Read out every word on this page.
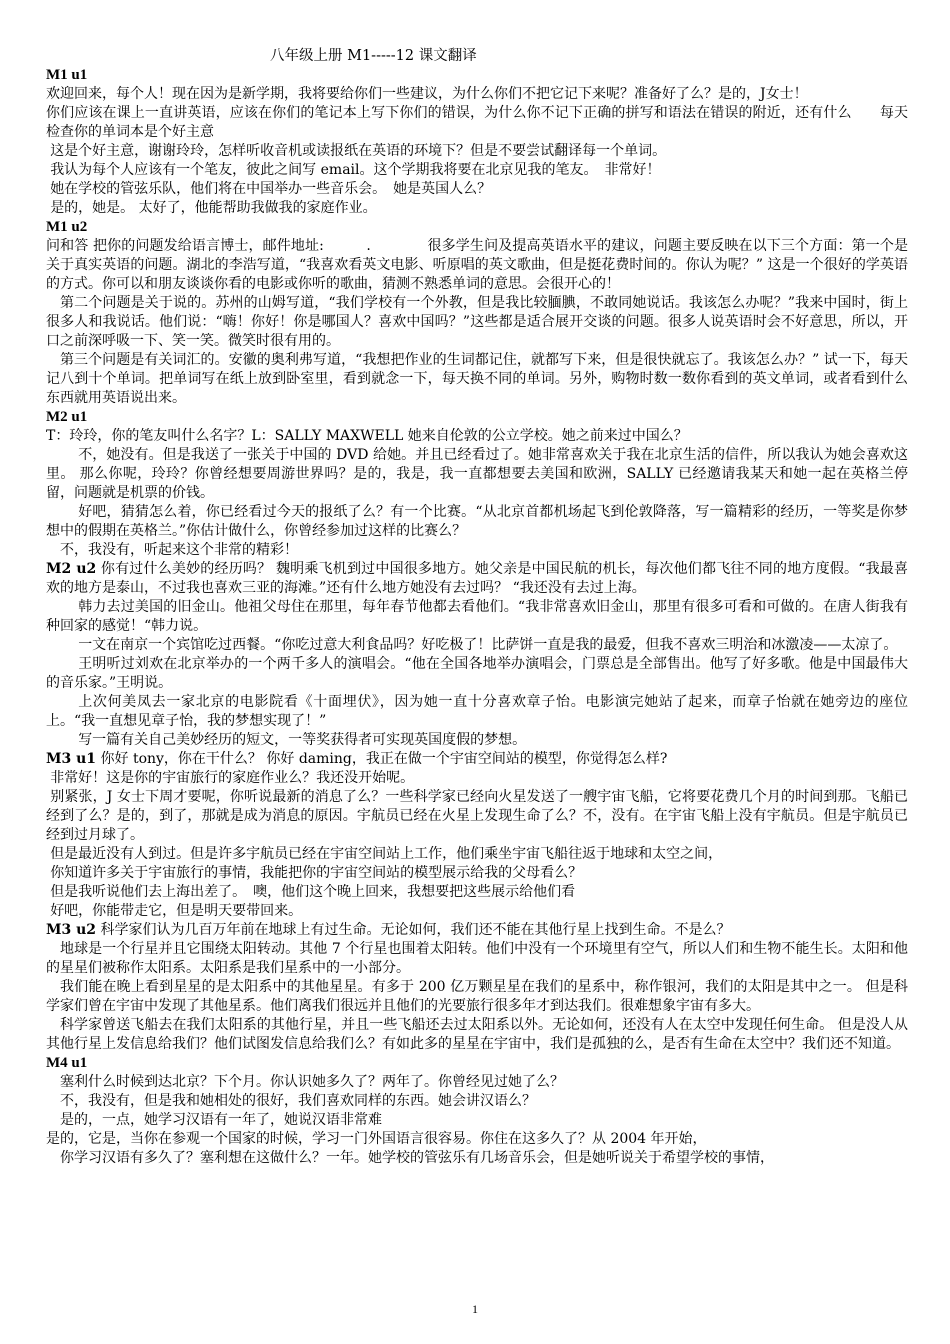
八年级上册 M1-----12 课文翻译

M1 u1

欢迎回来，每个人！现在因为是新学期，我将要给你们一些建议，为什么你们不把它记下来呢？准备好了么？是的，J女士！

你们应该在课上一直讲英语，应该在你们的笔记本上写下你们的错误，为什么你不记下正确的拼写和语法在错误的附近，还有什么　　每天检查你的单词本是个好主意

这是个好主意，谢谢玲玲，怎样听收音机或读报纸在英语的环境下？但是不要尝试翻译每一个单词。

我认为每个人应该有一个笔友，彼此之间写 email。这个学期我将要在北京见我的笔友。　非常好！

她在学校的管弦乐队，他们将在中国举办一些音乐会。　她是英国人么？

是的，她是。 太好了，他能帮助我做我的家庭作业。

M1 u2

问和答 把你的问题发给语言博士，邮件地址:　　　.　　　　很多学生问及提高英语水平的建议，问题主要反映在以下三个方面：第一个是关于真实英语的问题。湖北的李浩写道，“我喜欢看英文电影、听原唱的英文歌曲，但是挺花费时间的。你认为呢？” 这是一个很好的学英语的方式。你可以和朋友谈谈你看的电影或你听的歌曲，猜测不熟悉单词的意思。会很开心的！

第二个问题是关于说的。苏州的山姆写道，“我们学校有一个外教，但是我比较腼腆，不敢同她说话。我该怎么办呢？”我来中国时，街上很多人和我说话。他们说：“嗨！你好！你是哪国人？喜欢中国吗？”这些都是适合展开交谈的问题。很多人说英语时会不好意思，所以，开口之前深呼吸一下、笑一笑。微笑时很有用的。

第三个问题是有关词汇的。安徽的奥利弗写道，“我想把作业的生词都记住，就都写下来，但是很快就忘了。我该怎么办？” 试一下，每天记八到十个单词。把单词写在纸上放到卧室里，看到就念一下，每天换不同的单词。另外，购物时数一数你看到的英文单词，或者看到什么东西就用英语说出来。

M2 u1

T：玲玲，你的笔友叫什么名字？L：SALLY MAXWELL 她来自伦敦的公立学校。她之前来过中国么？

不，她没有。但是我送了一张关于中国的 DVD 给她。并且已经看过了。她非常喜欢关于我在北京生活的信件，所以我认为她会喜欢这里。 那么你呢，玲玲？你曾经想要周游世界吗？是的，我是，我一直都想要去美国和欧洲，SALLY 已经邀请我某天和她一起在英格兰停留，问题就是机票的价钱。

好吧，猜猜怎么着，你已经看过今天的报纸了么？有一个比赛。“从北京首都机场起飞到伦敦降落，写一篇精彩的经历，一等奖是你梦想中的假期在英格兰。”你估计做什么，你曾经参加过这样的比赛么？

不，我没有，听起来这个非常的精彩！

M2 u2 你有过什么美妙的经历吗？ 魏明乘飞机到过中国很多地方。她父亲是中国民航的机长，每次他们都飞往不同的地方度假。“我最喜欢的地方是泰山，不过我也喜欢三亚的海滩。”还有什么地方她没有去过吗？ “我还没有去过上海。

韩力去过美国的旧金山。他祖父母住在那里，每年春节他都去看他们。“我非常喜欢旧金山，那里有很多可看和可做的。在唐人街我有种回家的感觉！“韩力说。

一文在南京一个宾馆吃过西餐。“你吃过意大利食品吗？好吃极了！比萨饼一直是我的最爱，但我不喜欢三明治和冰激凌——太凉了。

王明听过刘欢在北京举办的一个两千多人的演唱会。“他在全国各地举办演唱会，门票总是全部售出。他写了好多歌。他是中国最伟大的音乐家。”王明说。

上次何美凤去一家北京的电影院看《十面埋伏》，因为她一直十分喜欢章子怡。电影演完她站了起来，而章子怡就在她旁边的座位上。“我一直想见章子怡，我的梦想实现了！”

写一篇有关自己美妙经历的短文，一等奖获得者可实现英国度假的梦想。

M3 u1 你好 tony，你在干什么？ 你好 daming，我正在做一个宇宙空间站的模型，你觉得怎么样?

非常好！这是你的宇宙旅行的家庭作业么？我还没开始呢。

别紧张，J 女士下周才要呢，你听说最新的消息了么？一些科学家已经向火星发送了一艘宇宙飞船，它将要花费几个月的时间到那。飞船已经到了么？是的，到了，那就是成为消息的原因。宇航员已经在火星上发现生命了么？不，没有。在宇宙飞船上没有宇航员。但是宇航员已经到过月球了。

但是最近没有人到过。但是许多宇航员已经在宇宙空间站上工作，他们乘坐宇宙飞船往返于地球和太空之间，

你知道许多关于宇宙旅行的事情，我能把你的宇宙空间站的模型展示给我的父母看么？

但是我听说他们去上海出差了。　噢，他们这个晚上回来，我想要把这些展示给他们看

好吧，你能带走它，但是明天要带回来。

M3 u2 科学家们认为几百万年前在地球上有过生命。无论如何，我们还不能在其他行星上找到生命。不是么？

地球是一个行星并且它围绕太阳转动。其他 7 个行星也围着太阳转。他们中没有一个环境里有空气，所以人们和生物不能生长。太阳和他的星星们被称作太阳系。太阳系是我们星系中的一小部分。

我们能在晚上看到星星的是太阳系中的其他星星。有多于 200 亿万颗星星在我们的星系中，称作银河，我们的太阳是其中之一。 但是科学家们曾在宇宙中发现了其他星系。他们离我们很远并且他们的光要旅行很多年才到达我们。很难想象宇宙有多大。

科学家曾送飞船去在我们太阳系的其他行星，并且一些飞船还去过太阳系以外。无论如何，还没有人在太空中发现任何生命。 但是没人从其他行星上发信息给我们？他们试图发信息给我们么？有如此多的星星在宇宙中，我们是孤独的么，是否有生命在太空中？我们还不知道。

M4 u1

塞利什么时候到达北京？下个月。你认识她多久了？两年了。你曾经见过她了么？

不，我没有，但是我和她相处的很好，我们喜欢同样的东西。她会讲汉语么？

是的，一点，她学习汉语有一年了，她说汉语非常难

是的，它是，当你在参观一个国家的时候，学习一门外国语言很容易。你住在这多久了？从 2004 年开始，

你学习汉语有多久了？塞利想在这做什么？一年。她学校的管弦乐有几场音乐会，但是她听说关于希望学校的事情，

1
